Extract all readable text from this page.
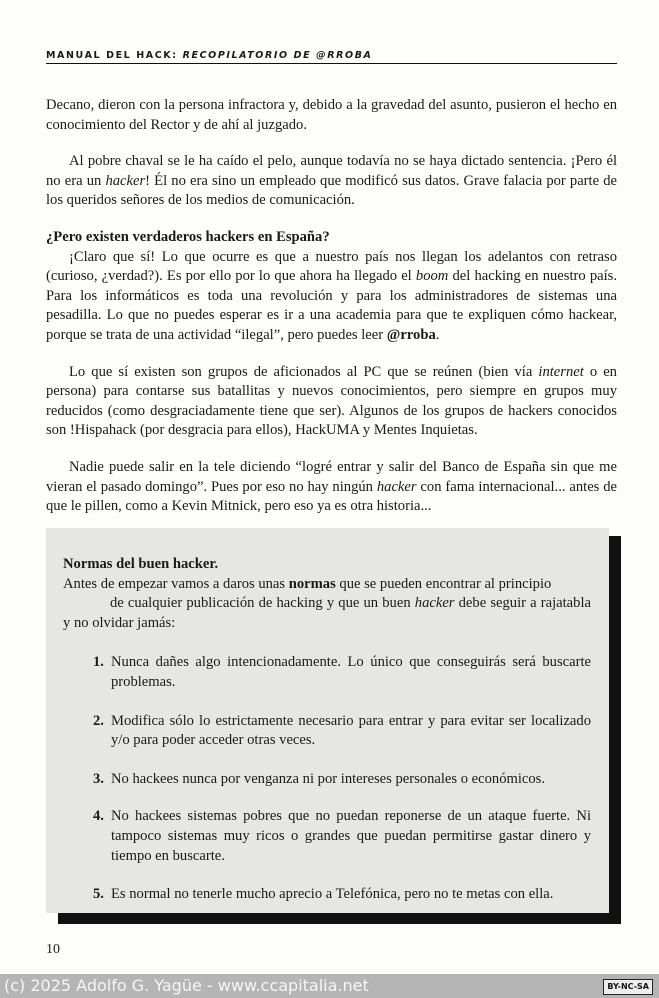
MANUAL DEL HACK: RECOPILATORIO DE @RROBA

Decano, dieron con la persona infractora y, debido a la gravedad del asunto, pusieron el hecho en conocimiento del Rector y de ahí al juzgado.

Al pobre chaval se le ha caído el pelo, aunque todavía no se haya dictado sentencia. ¡Pero él no era un hacker! Él no era sino un empleado que modificó sus datos. Grave falacia por parte de los queridos señores de los medios de comunicación.

¿Pero existen verdaderos hackers en España?

¡Claro que sí! Lo que ocurre es que a nuestro país nos llegan los adelantos con retraso (curioso, ¿verdad?). Es por ello por lo que ahora ha llegado el boom del hacking en nuestro país. Para los informáticos es toda una revolución y para los administradores de sistemas una pesadilla. Lo que no puedes esperar es ir a una academia para que te expliquen cómo hackear, porque se trata de una actividad “ilegal”, pero puedes leer @rroba.

Lo que sí existen son grupos de aficionados al PC que se reúnen (bien vía internet o en persona) para contarse sus batallitas y nuevos conocimientos, pero siempre en grupos muy reducidos (como desgraciadamente tiene que ser). Algunos de los grupos de hackers conocidos son !Hispahack (por desgracia para ellos), HackUMA y Mentes Inquietas.

Nadie puede salir en la tele diciendo “logré entrar y salir del Banco de España sin que me vieran el pasado domingo”. Pues por eso no hay ningún hacker con fama internacional... antes de que le pillen, como a Kevin Mitnick, pero eso ya es otra historia...

Normas del buen hacker.

Antes de empezar vamos a daros unas normas que se pueden encontrar al principio
de cualquier publicación de hacking y que un buen hacker debe seguir a rajatabla y no olvidar jamás:

1. Nunca dañes algo intencionadamente. Lo único que conseguirás será buscarte problemas.
2. Modifica sólo lo estrictamente necesario para entrar y para evitar ser localizado y/o para poder acceder otras veces.
3. No hackees nunca por venganza ni por intereses personales o económicos.
4. No hackees sistemas pobres que no puedan reponerse de un ataque fuerte. Ni tampoco sistemas muy ricos o grandes que puedan permitirse gastar dinero y tiempo en buscarte.
5. Es normal no tenerle mucho aprecio a Telefónica, pero no te metas con ella.
10
(c) 2025 Adolfo G. Yagüe - www.ccapitalia.net	BY-NC-SA
